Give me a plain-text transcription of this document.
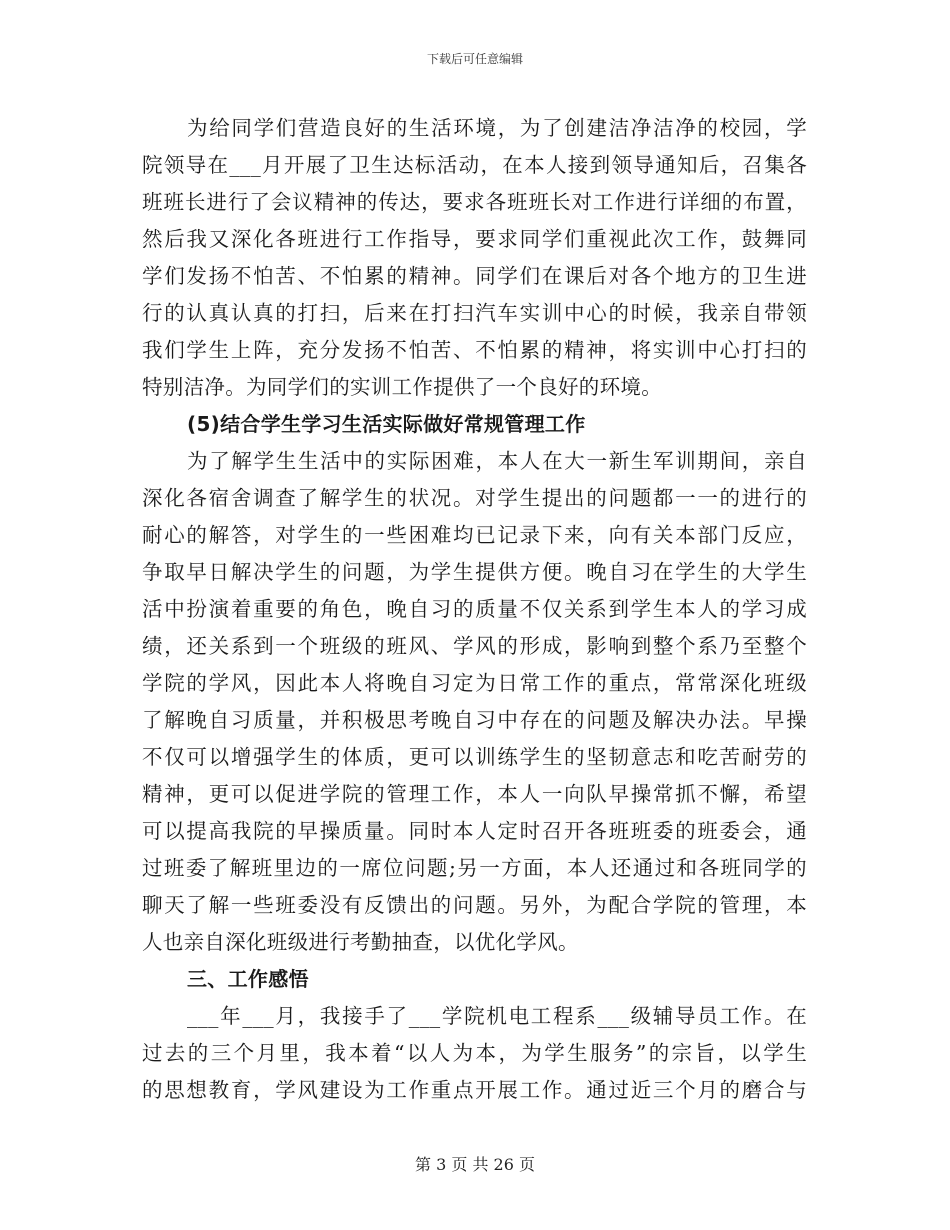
下载后可任意编辑
为给同学们营造良好的生活环境，为了创建洁净洁净的校园，学
院领导在___月开展了卫生达标活动，在本人接到领导通知后，召集各
班班长进行了会议精神的传达，要求各班班长对工作进行详细的布置，
然后我又深化各班进行工作指导，要求同学们重视此次工作，鼓舞同
学们发扬不怕苦、不怕累的精神。同学们在课后对各个地方的卫生进
行的认真认真的打扫，后来在打扫汽车实训中心的时候，我亲自带领
我们学生上阵，充分发扬不怕苦、不怕累的精神，将实训中心打扫的
特别洁净。为同学们的实训工作提供了一个良好的环境。
(5)结合学生学习生活实际做好常规管理工作
为了解学生生活中的实际困难，本人在大一新生军训期间，亲自
深化各宿舍调查了解学生的状况。对学生提出的问题都一一的进行的
耐心的解答，对学生的一些困难均已记录下来，向有关本部门反应，
争取早日解决学生的问题，为学生提供方便。晚自习在学生的大学生
活中扮演着重要的角色，晚自习的质量不仅关系到学生本人的学习成
绩，还关系到一个班级的班风、学风的形成，影响到整个系乃至整个
学院的学风，因此本人将晚自习定为日常工作的重点，常常深化班级
了解晚自习质量，并积极思考晚自习中存在的问题及解决办法。早操
不仅可以增强学生的体质，更可以训练学生的坚韧意志和吃苦耐劳的
精神，更可以促进学院的管理工作，本人一向队早操常抓不懈，希望
可以提高我院的早操质量。同时本人定时召开各班班委的班委会，通
过班委了解班里边的一席位问题;另一方面，本人还通过和各班同学的
聊天了解一些班委没有反馈出的问题。另外，为配合学院的管理，本
人也亲自深化班级进行考勤抽查，以优化学风。
三、工作感悟
___年___月，我接手了___学院机电工程系___级辅导员工作。在
过去的三个月里，我本着“以人为本，为学生服务”的宗旨，以学生
的思想教育，学风建设为工作重点开展工作。通过近三个月的磨合与
第 3 页 共 26 页
